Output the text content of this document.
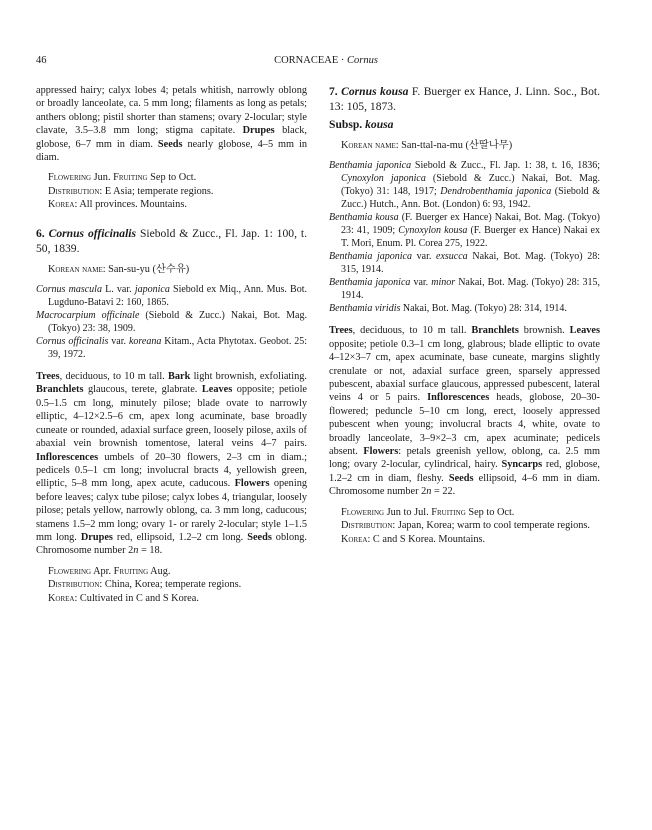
46	CORNACEAE · Cornus

appressed hairy; calyx lobes 4; petals whitish, narrowly oblong or broadly lanceolate, ca. 5 mm long; filaments as long as petals; anthers oblong; pistil shorter than stamens; ovary 2-locular; style clavate, 3.5–3.8 mm long; stigma capitate. Drupes black, globose, 6–7 mm in diam. Seeds nearly globose, 4–5 mm in diam.

Flowering Jun. Fruiting Sep to Oct.

Distribution: E Asia; temperate regions.

Korea: All provinces. Mountains.

6. Cornus officinalis Siebold & Zucc., Fl. Jap. 1: 100, t. 50, 1839.

Korean name: San-su-yu (산수유)

Cornus mascula L. var. japonica Siebold ex Miq., Ann. Mus. Bot. Lugduno-Batavi 2: 160, 1865.

Macrocarpium officinale (Siebold & Zucc.) Nakai, Bot. Mag. (Tokyo) 23: 38, 1909.

Cornus officinalis var. koreana Kitam., Acta Phytotax. Geobot. 25: 39, 1972.

Trees, deciduous, to 10 m tall. Bark light brownish, exfoliating. Branchlets glaucous, terete, glabrate. Leaves opposite; petiole 0.5–1.5 cm long, minutely pilose; blade ovate to narrowly elliptic, 4–12×2.5–6 cm, apex long acuminate, base broadly cuneate or rounded, adaxial surface green, loosely pilose, axils of abaxial vein brownish tomentose, lateral veins 4–7 pairs. Inflorescences umbels of 20–30 flowers, 2–3 cm in diam.; pedicels 0.5–1 cm long; involucral bracts 4, yellowish green, elliptic, 5–8 mm long, apex acute, caducous. Flowers opening before leaves; calyx tube pilose; calyx lobes 4, triangular, loosely pilose; petals yellow, narrowly oblong, ca. 3 mm long, caducous; stamens 1.5–2 mm long; ovary 1- or rarely 2-locular; style 1–1.5 mm long. Drupes red, ellipsoid, 1.2–2 cm long. Seeds oblong. Chromosome number 2n = 18.

Flowering Apr. Fruiting Aug.

Distribution: China, Korea; temperate regions.

Korea: Cultivated in C and S Korea.

7. Cornus kousa F. Buerger ex Hance, J. Linn. Soc., Bot. 13: 105, 1873.

Subsp. kousa

Korean name: San-ttal-na-mu (산딸나무)

Benthamia japonica Siebold & Zucc., Fl. Jap. 1: 38, t. 16, 1836; Cynoxylon japonica (Siebold & Zucc.) Nakai, Bot. Mag. (Tokyo) 31: 148, 1917; Dendrobenthamia japonica (Siebold & Zucc.) Hutch., Ann. Bot. (London) 6: 93, 1942.

Benthamia kousa (F. Buerger ex Hance) Nakai, Bot. Mag. (Tokyo) 23: 41, 1909; Cynoxylon kousa (F. Buerger ex Hance) Nakai ex T. Mori, Enum. Pl. Corea 275, 1922.

Benthamia japonica var. exsucca Nakai, Bot. Mag. (Tokyo) 28: 315, 1914.

Benthamia japonica var. minor Nakai, Bot. Mag. (Tokyo) 28: 315, 1914.

Benthamia viridis Nakai, Bot. Mag. (Tokyo) 28: 314, 1914.

Trees, deciduous, to 10 m tall. Branchlets brownish. Leaves opposite; petiole 0.3–1 cm long, glabrous; blade elliptic to ovate 4–12×3–7 cm, apex acuminate, base cuneate, margins slightly crenulate or not, adaxial surface green, sparsely appressed pubescent, abaxial surface glaucous, appressed pubescent, lateral veins 4 or 5 pairs. Inflorescences heads, globose, 20–30-flowered; peduncle 5–10 cm long, erect, loosely appressed pubescent when young; involucral bracts 4, white, ovate to broadly lanceolate, 3–9×2–3 cm, apex acuminate; pedicels absent. Flowers: petals greenish yellow, oblong, ca. 2.5 mm long; ovary 2-locular, cylindrical, hairy. Syncarps red, globose, 1.2–2 cm in diam, fleshy. Seeds ellipsoid, 4–6 mm in diam. Chromosome number 2n = 22.

Flowering Jun to Jul. Fruiting Sep to Oct.

Distribution: Japan, Korea; warm to cool temperate regions.

Korea: C and S Korea. Mountains.
